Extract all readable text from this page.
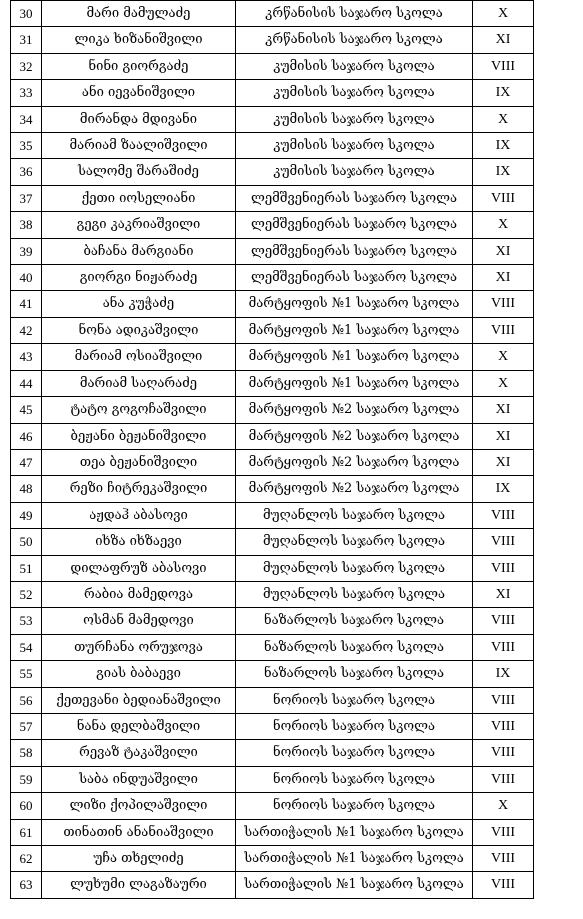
30	მარი მამულაძე	კრწანისის საჯარო სკოლა	X
31	ლიკა ხიზანიშვილი	კრწანისის საჯარო სკოლა	XI
32	ნინი გიორგაძე	კუმისის საჯარო სკოლა	VIII
33	ანი იევანიშვილი	კუმისის საჯარო სკოლა	IX
34	მირანდა მდივანი	კუმისის საჯარო სკოლა	X
35	მარიამ ზაალიშვილი	კუმისის საჯარო სკოლა	IX
36	სალომე შარაშიძე	კუმისის საჯარო სკოლა	IX
37	ქეთი იოსელიანი	ლემშვენიერას საჯარო სკოლა	VIII
38	გეგი კაკრიაშვილი	ლემშვენიერას საჯარო სკოლა	X
39	ბაჩანა მარგიანი	ლემშვენიერას საჯარო სკოლა	XI
40	გიორგი ნიჟარაძე	ლემშვენიერას საჯარო სკოლა	XI
41	ანა კუჭაძე	მარტყოფის №1 საჯარო სკოლა	VIII
42	ნონა ადიკაშვილი	მარტყოფის №1 საჯარო სკოლა	VIII
43	მარიამ ოსიაშვილი	მარტყოფის №1 საჯარო სკოლა	X
44	მარიამ საღარაძე	მარტყოფის №1 საჯარო სკოლა	X
45	ტატო გოგოჩაშვილი	მარტყოფის №2 საჯარო სკოლა	XI
46	ბეჟანი ბეჟანიშვილი	მარტყოფის №2 საჯარო სკოლა	XI
47	თეა ბეჟანიშვილი	მარტყოფის №2 საჯარო სკოლა	XI
48	რეზი ჩიტრეკაშვილი	მარტყოფის №2 საჯარო სკოლა	IX
49	აჟდაჰ აბასოვი	მუღანლოს საჯარო სკოლა	VIII
50	იხზა იხზაევი	მუღანლოს საჯარო სკოლა	VIII
51	დილაფრუზ აბასოვი	მუღანლოს საჯარო სკოლა	VIII
52	რაბია მამედოვა	მუღანლოს საჯარო სკოლა	XI
53	ოსმან მამედოვი	ნაზარლოს საჯარო სკოლა	VIII
54	თურჩანა ორუჯოვა	ნაზარლოს საჯარო სკოლა	VIII
55	გიას ბაბაევი	ნაზარლოს საჯარო სკოლა	IX
56	ქეთევანი ბედიანაშვილი	ნორიოს საჯარო სკოლა	VIII
57	ნანა დელბაშვილი	ნორიოს საჯარო სკოლა	VIII
58	რევაზ ტაკაშვილი	ნორიოს საჯარო სკოლა	VIII
59	საბა ინდუაშვილი	ნორიოს საჯარო სკოლა	VIII
60	ლიზი ქოპილაშვილი	ნორიოს საჯარო სკოლა	X
61	თინათინ ანანიაშვილი	სართიჭალის №1 საჯარო სკოლა	VIII
62	უჩა თხელიძე	სართიჭალის №1 საჯარო სკოლა	VIII
63	ლუხუმი ლაგაზაური	სართიჭალის №1 საჯარო სკოლა	VIII
